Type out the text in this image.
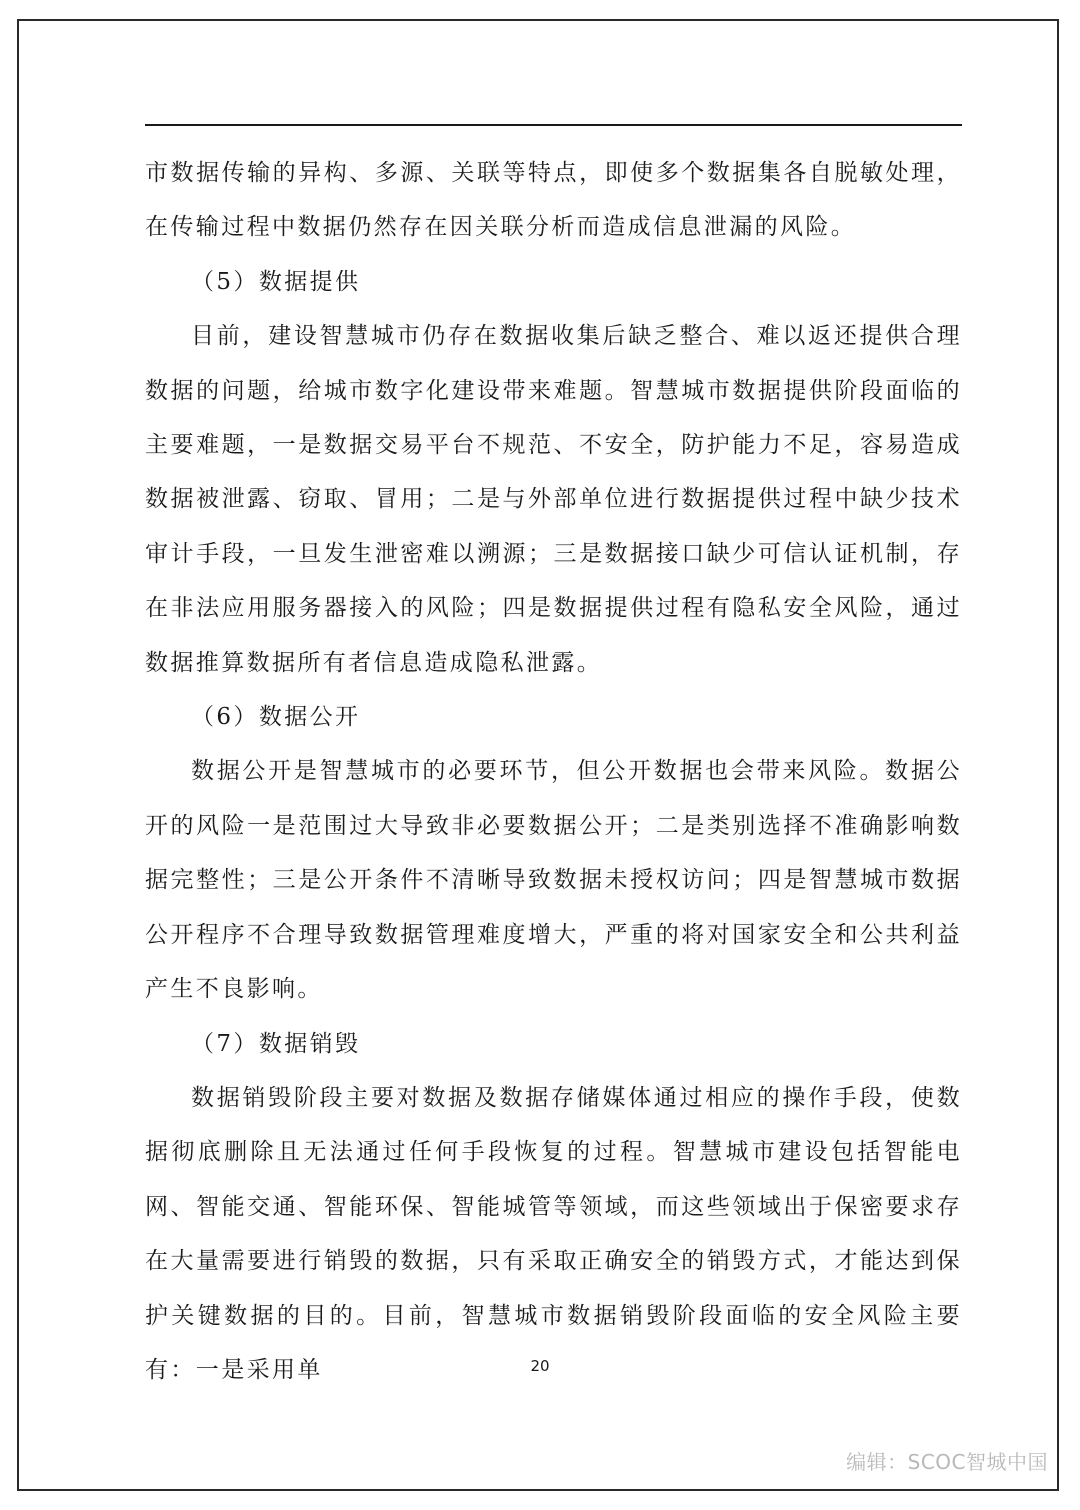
市数据传输的异构、多源、关联等特点，即使多个数据集各自脱敏处理，在传输过程中数据仍然存在因关联分析而造成信息泄漏的风险。

（5）数据提供

目前，建设智慧城市仍存在数据收集后缺乏整合、难以返还提供合理数据的问题，给城市数字化建设带来难题。智慧城市数据提供阶段面临的主要难题，一是数据交易平台不规范、不安全，防护能力不足，容易造成数据被泄露、窃取、冒用；二是与外部单位进行数据提供过程中缺少技术审计手段，一旦发生泄密难以溯源；三是数据接口缺少可信认证机制，存在非法应用服务器接入的风险；四是数据提供过程有隐私安全风险，通过数据推算数据所有者信息造成隐私泄露。

（6）数据公开

数据公开是智慧城市的必要环节，但公开数据也会带来风险。数据公开的风险一是范围过大导致非必要数据公开；二是类别选择不准确影响数据完整性；三是公开条件不清晰导致数据未授权访问；四是智慧城市数据公开程序不合理导致数据管理难度增大，严重的将对国家安全和公共利益产生不良影响。

（7）数据销毁

数据销毁阶段主要对数据及数据存储媒体通过相应的操作手段，使数据彻底删除且无法通过任何手段恢复的过程。智慧城市建设包括智能电网、智能交通、智能环保、智能城管等领域，而这些领域出于保密要求存在大量需要进行销毁的数据，只有采取正确安全的销毁方式，才能达到保护关键数据的目的。目前，智慧城市数据销毁阶段面临的安全风险主要有：一是采用单	20
编辑：SCOC智城中国
